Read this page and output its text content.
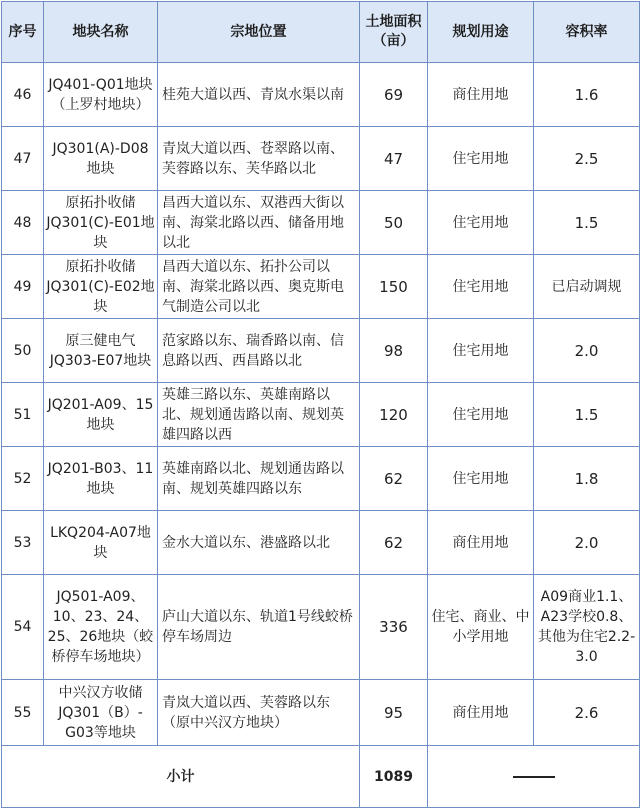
序号	地块名称	宗地位置	土地面积（亩）	规划用途	容积率
46	JQ401-Q01地块（上罗村地块）	桂苑大道以西、青岚水渠以南	69	商住用地	1.6
47	JQ301(A)-D08地块	青岚大道以西、苍翠路以南、芙蓉路以东、芙华路以北	47	住宅用地	2.5
48	原拓扑收储JQ301(C)-E01地块	昌西大道以东、双港西大街以南、海棠北路以西、储备用地以北	50	住宅用地	1.5
49	原拓扑收储JQ301(C)-E02地块	昌西大道以东、拓扑公司以南、海棠北路以西、奥克斯电气制造公司以北	150	住宅用地	已启动调规
50	原三健电气JQ303-E07地块	范家路以东、瑞香路以南、信息路以西、西昌路以北	98	住宅用地	2.0
51	JQ201-A09、15地块	英雄三路以东、英雄南路以北、规划通齿路以南、规划英雄四路以西	120	住宅用地	1.5
52	JQ201-B03、11地块	英雄南路以北、规划通齿路以南、规划英雄四路以东	62	住宅用地	1.8
53	LKQ204-A07地块	金水大道以东、港盛路以北	62	商住用地	2.0
54	JQ501-A09、10、23、24、25、26地块（蛟桥停车场地块）	庐山大道以东、轨道1号线蛟桥停车场周边	336	住宅、商业、中小学用地	A09商业1.1、A23学校0.8、其他为住宅2.2-3.0
55	中兴汉方收储JQ301（B）-G03等地块	青岚大道以西、芙蓉路以东（原中兴汉方地块）	95	商住用地	2.6
小计			1089		
